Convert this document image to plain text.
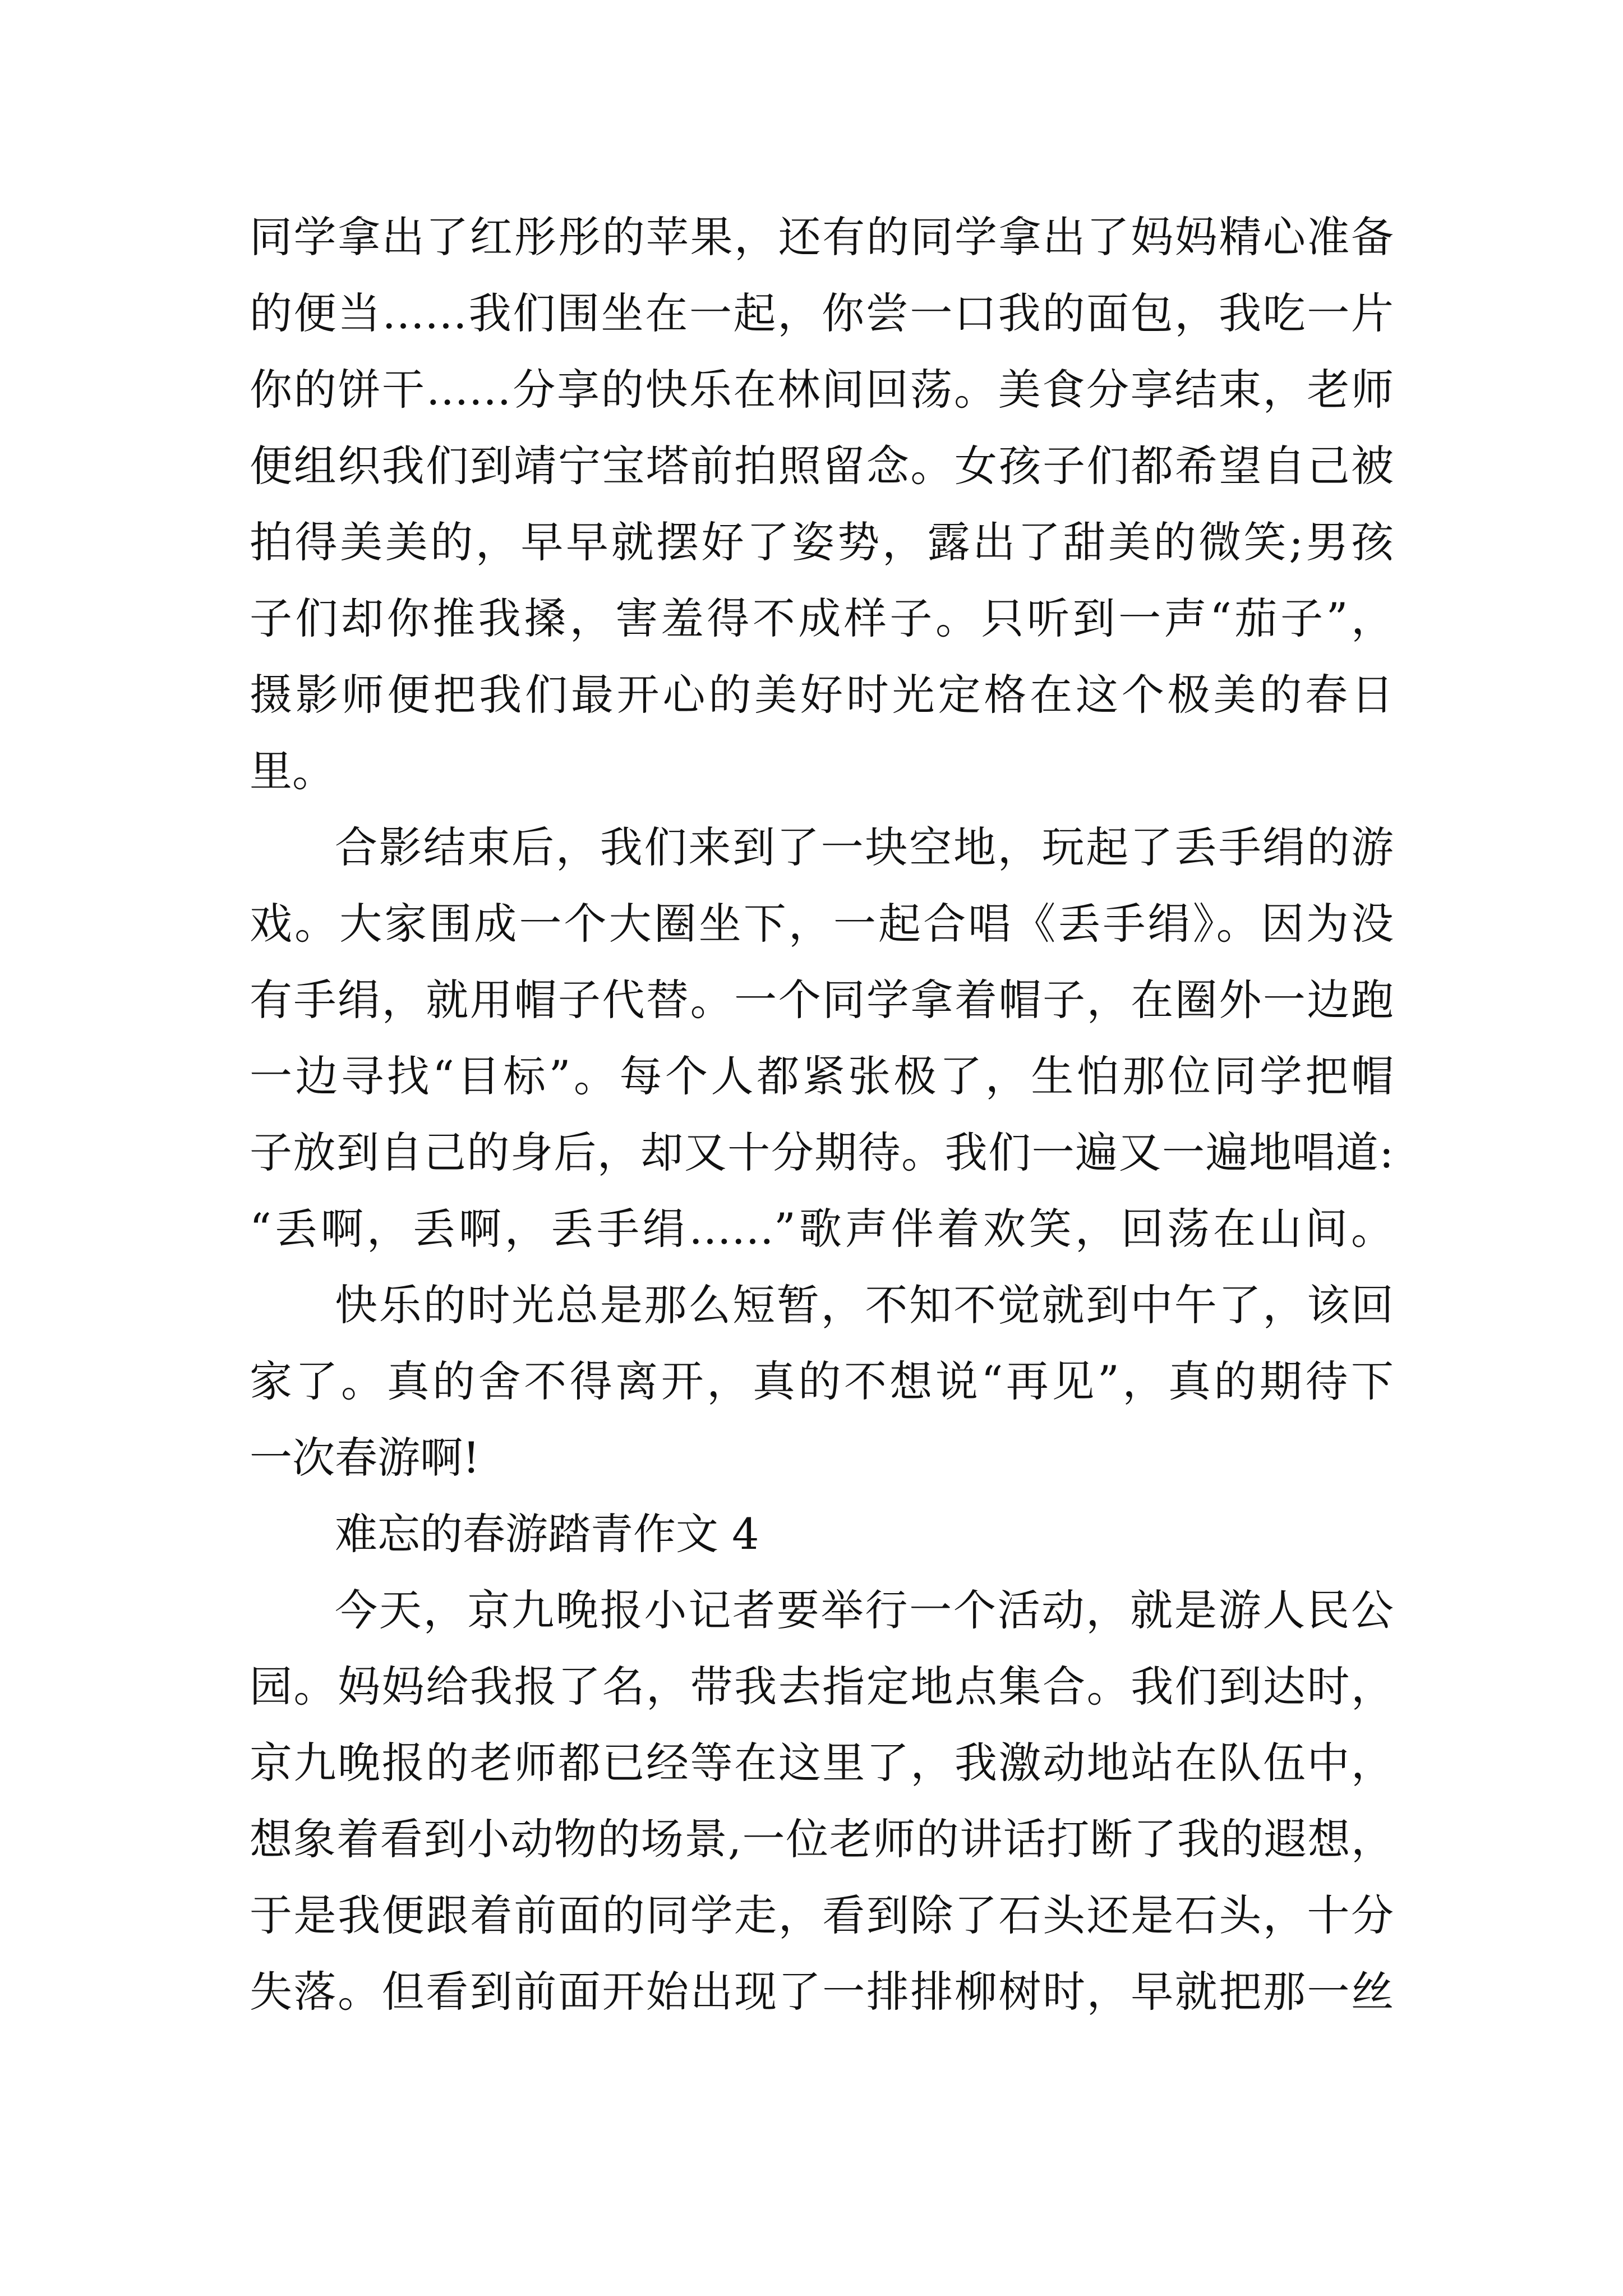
同学拿出了红彤彤的苹果，还有的同学拿出了妈妈精心准备
的便当……我们围坐在一起，你尝一口我的面包，我吃一片
你的饼干……分享的快乐在林间回荡。美食分享结束，老师
便组织我们到靖宁宝塔前拍照留念。女孩子们都希望自己被
拍得美美的，早早就摆好了姿势，露出了甜美的微笑;男孩
子们却你推我搡，害羞得不成样子。只听到一声“茄子”，
摄影师便把我们最开心的美好时光定格在这个极美的春日
里。
合影结束后，我们来到了一块空地，玩起了丢手绢的游
戏。大家围成一个大圈坐下，一起合唱《丢手绢》。因为没
有手绢，就用帽子代替。一个同学拿着帽子，在圈外一边跑
一边寻找“目标”。每个人都紧张极了，生怕那位同学把帽
子放到自己的身后，却又十分期待。我们一遍又一遍地唱道:
“丢啊，丢啊，丢手绢……”歌声伴着欢笑，回荡在山间。
快乐的时光总是那么短暂，不知不觉就到中午了，该回
家了。真的舍不得离开，真的不想说“再见”，真的期待下
一次春游啊!
难忘的春游踏青作文 4
今天，京九晚报小记者要举行一个活动，就是游人民公
园。妈妈给我报了名，带我去指定地点集合。我们到达时，
京九晚报的老师都已经等在这里了，我激动地站在队伍中，
想象着看到小动物的场景,一位老师的讲话打断了我的遐想，
于是我便跟着前面的同学走，看到除了石头还是石头，十分
失落。但看到前面开始出现了一排排柳树时，早就把那一丝
